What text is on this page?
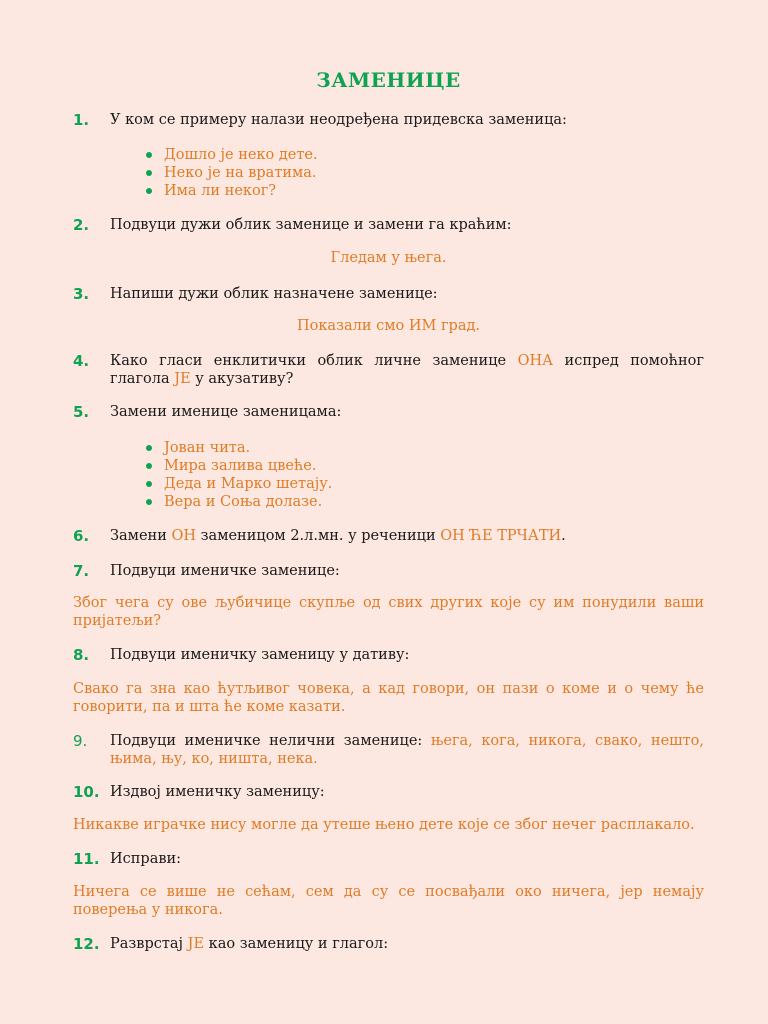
ЗАМЕНИЦЕ
1. У ком се примеру налази неодређена придевска заменица:
Дошло је неко дете.
Неко је на вратима.
Има ли неког?
2. Подвуци дужи облик заменице и замени га краћим:
Гледам у њега.
3. Напиши дужи облик назначене заменице:
Показали смо ИМ град.
4. Како гласи енклитички облик личне заменице ОНА испред помоћног глагола ЈЕ у акузативу?
5. Замени именице заменицама:
Јован чита.
Мира залива цвеће.
Деда и Марко шетају.
Вера и Соња долазе.
6. Замени ОН заменицом 2.л.мн. у реченици ОН ЋЕ ТРЧАТИ.
7. Подвуци именичке заменице:
Због чега су ове љубичице скупље од свих других које су им понудили ваши пријатељи?
8. Подвуци именичку заменицу у дативу:
Свако га зна као ћутљивог човека, а кад говори, он пази о коме и о чему ће говорити, па и шта ће коме казати.
9. Подвуци именичке нелични заменице: њега, кога, никога, свако, нешто, њима, њу, ко, ништа, нека.
10. Издвој именичку заменицу:
Никакве играчке нису могле да утеше њено дете које се због нечег расплакало.
11. Исправи:
Ничега се више не сећам, сем да су се посвађали око ничега, јер немају поверења у никога.
12. Разврстај ЈЕ као заменицу и глагол:
